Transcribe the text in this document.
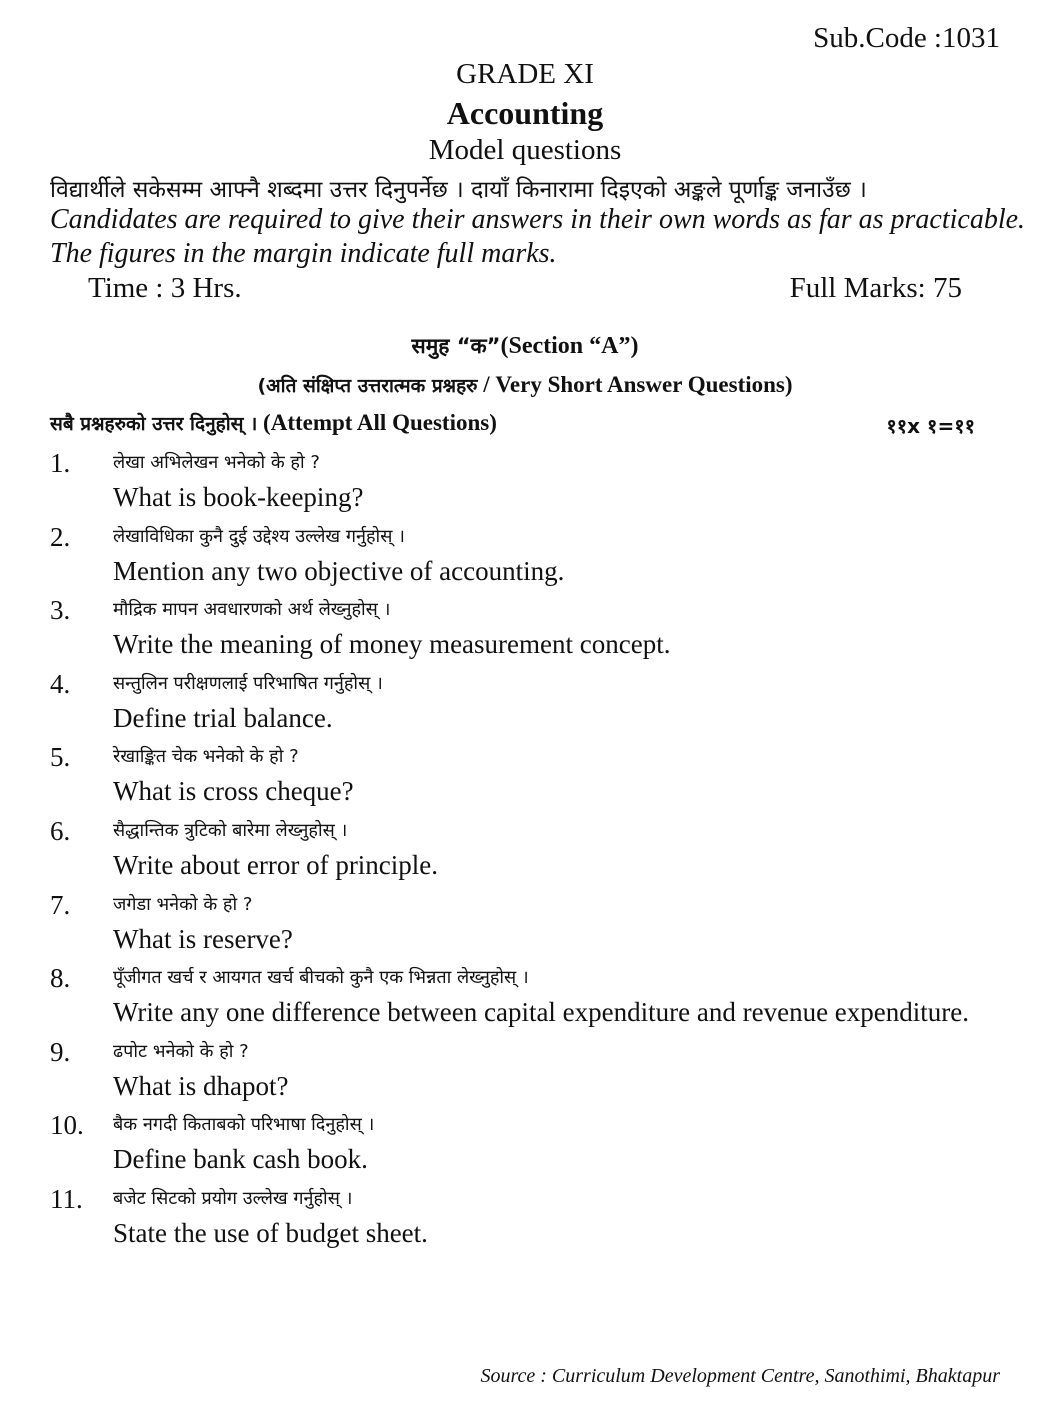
Sub.Code :1031
GRADE XI
Accounting
Model questions
विद्यार्थीले सकेसम्म आफ्नै शब्दमा उत्तर दिनुपर्नेछ । दायाँ किनारामा दिइएको अङ्कले पूर्णाङ्क जनाउँछ ।
Candidates are required to give their answers in their own words as far as practicable.
The figures in the margin indicate full marks.
Time : 3 Hrs.	Full Marks: 75
समुह “क”(Section “A”)
(अति संक्षिप्त उत्तरात्मक प्रश्नहरु / Very Short Answer Questions)
सबै प्रश्नहरुको उत्तर दिनुहोस् । (Attempt All Questions)	११x १=११
1. लेखा अभिलेखन भनेको के हो ?
What is book-keeping?
2. लेखाविधिका कुनै दुई उद्देश्य उल्लेख गर्नुहोस् ।
Mention any two objective of accounting.
3. मौद्रिक मापन अवधारणको अर्थ लेख्नुहोस् ।
Write the meaning of money measurement concept.
4. सन्तुलिन परीक्षणलाई परिभाषित गर्नुहोस् ।
Define trial balance.
5. रेखाङ्कित चेक भनेको के हो ?
What is cross cheque?
6. सैद्धान्तिक त्रुटिको बारेमा लेख्नुहोस् ।
Write about error of principle.
7. जगेडा भनेको के हो ?
What is reserve?
8. पूँजीगत खर्च र आयगत खर्च बीचको कुनै एक भिन्नता लेख्नुहोस् ।
Write any one difference between capital expenditure and revenue expenditure.
9. ढपोट भनेको के हो ?
What is dhapot?
10. बैक नगदी किताबको परिभाषा दिनुहोस् ।
Define bank cash book.
11. बजेट सिटको प्रयोग उल्लेख गर्नुहोस् ।
State the use of budget sheet.
Source : Curriculum Development Centre, Sanothimi, Bhaktapur
